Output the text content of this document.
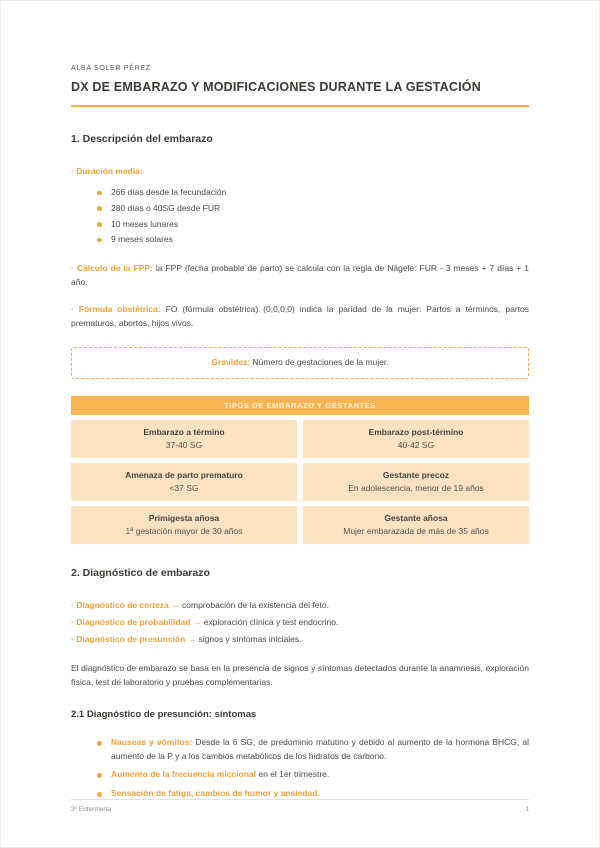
ALBA SOLER PÉREZ
DX DE EMBARAZO Y MODIFICACIONES DURANTE LA GESTACIÓN
1. Descripción del embarazo

· Duración media:

266 días desde la fecundación
280 días o 40SG desde FUR
10 meses lunares
9 meses solares

· Cálculo de la FPP: la FPP (fecha probable de parto) se calcula con la regla de Nägele: FUR - 3 meses + 7 días + 1 año.

· Fórmula obstétrica: FO (fórmula obstétrica) (0,0,0,0) indica la paridad de la mujer: Partos a términos, partos prematuros, abortos, hijos vivos.

Gravidez: Número de gestaciones de la mujer.
TIPOS DE EMBARAZO Y GESTANTES
Embarazo a término
37-40 SG
Embarazo post-término
40-42 SG
Amenaza de parto prematuro
<37 SG
Gestante precoz
En adolescencia, menor de 19 años
Primigesta añosa
1ª gestación mayor de 30 años
Gestante añosa
Mujer embarazada de más de 35 años
2. Diagnóstico de embarazo

· Diagnóstico de certeza → comprobación de la existencia del feto.

· Diagnóstico de probabilidad → exploración clínica y test endocrino.

· Diagnóstico de presunción → signos y síntomas iniciales.

El diagnóstico de embarazo se basa en la presencia de signos y síntomas detectados durante la anamnesis, exploración física, test de laboratorio y pruebas complementarias.

2.1 Diagnóstico de presunción: síntomas
Nauseas y vómitos: Desde la 6 SG, de predominio matutino y debido al aumento de la hormona BHCG, al aumento de la P y a los cambios metabólicos de los hidratos de carbono.
Aumento de la frecuencia miccional en el 1er trimestre.
Sensación de fatiga, cambios de humor y ansiedad.
3º Enfermería	1
